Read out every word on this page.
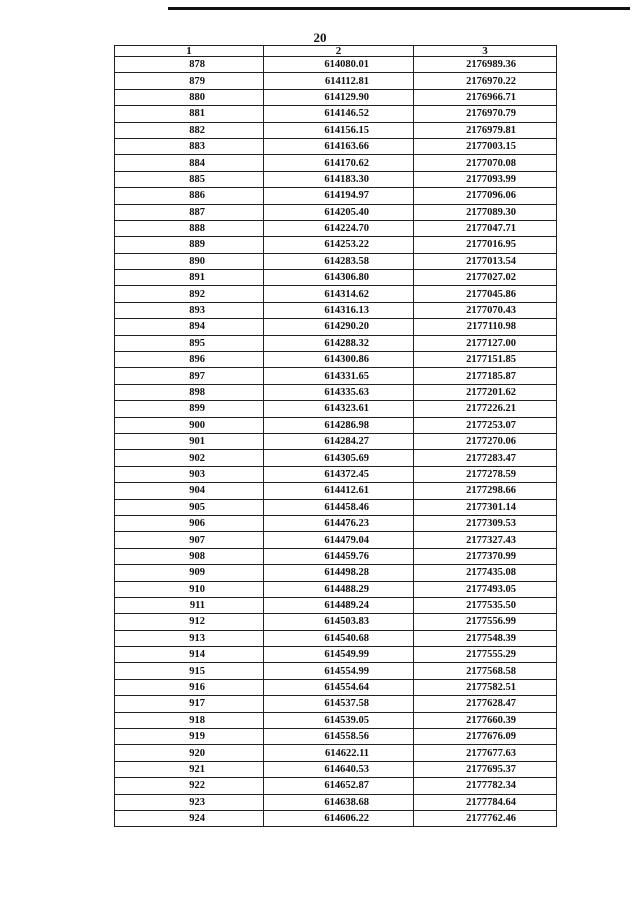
20
1	2	3
878	614080.01	2176989.36
879	614112.81	2176970.22
880	614129.90	2176966.71
881	614146.52	2176970.79
882	614156.15	2176979.81
883	614163.66	2177003.15
884	614170.62	2177070.08
885	614183.30	2177093.99
886	614194.97	2177096.06
887	614205.40	2177089.30
888	614224.70	2177047.71
889	614253.22	2177016.95
890	614283.58	2177013.54
891	614306.80	2177027.02
892	614314.62	2177045.86
893	614316.13	2177070.43
894	614290.20	2177110.98
895	614288.32	2177127.00
896	614300.86	2177151.85
897	614331.65	2177185.87
898	614335.63	2177201.62
899	614323.61	2177226.21
900	614286.98	2177253.07
901	614284.27	2177270.06
902	614305.69	2177283.47
903	614372.45	2177278.59
904	614412.61	2177298.66
905	614458.46	2177301.14
906	614476.23	2177309.53
907	614479.04	2177327.43
908	614459.76	2177370.99
909	614498.28	2177435.08
910	614488.29	2177493.05
911	614489.24	2177535.50
912	614503.83	2177556.99
913	614540.68	2177548.39
914	614549.99	2177555.29
915	614554.99	2177568.58
916	614554.64	2177582.51
917	614537.58	2177628.47
918	614539.05	2177660.39
919	614558.56	2177676.09
920	614622.11	2177677.63
921	614640.53	2177695.37
922	614652.87	2177782.34
923	614638.68	2177784.64
924	614606.22	2177762.46
